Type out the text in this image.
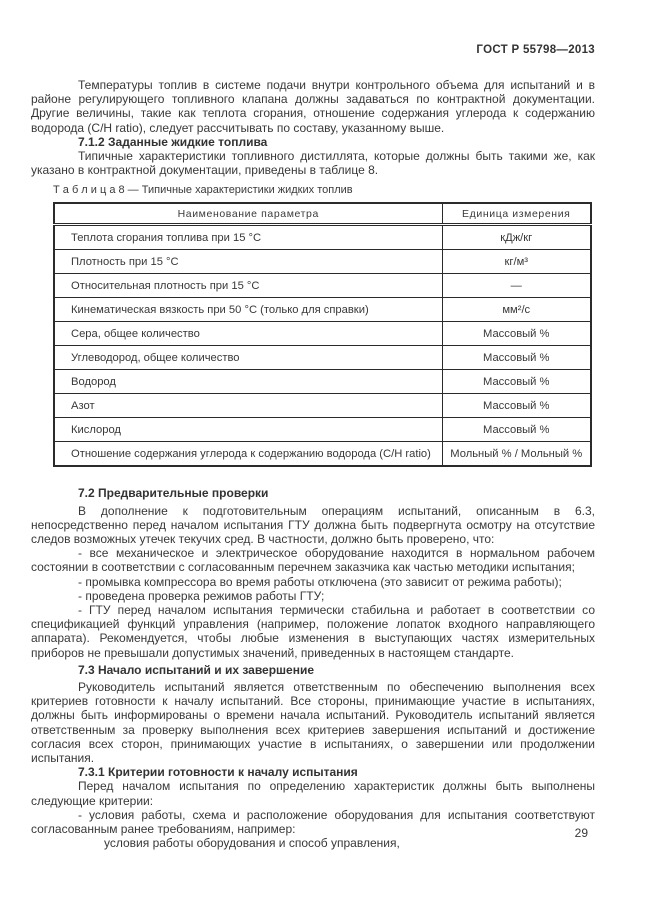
ГОСТ Р 55798—2013

Температуры топлив в системе подачи внутри контрольного объема для испытаний и в районе регулирующего топливного клапана должны задаваться по контрактной документации. Другие величины, такие как теплота сгорания, отношение содержания углерода к содержанию водорода (C/H ratio), следует рассчитывать по составу, указанному выше.

7.1.2 Заданные жидкие топлива

Типичные характеристики топливного дистиллята, которые должны быть такими же, как указано в контрактной документации, приведены в таблице 8.

Т а б л и ц а 8 — Типичные характеристики жидких топлив
Наименование параметра	Единица измерения
Теплота сгорания топлива при 15 °С	кДж/кг
Плотность при 15 °С	кг/м³
Относительная плотность при 15 °С	—
Кинематическая вязкость при 50 °С (только для справки)	мм²/с
Сера, общее количество	Массовый %
Углеводород, общее количество	Массовый %
Водород	Массовый %
Азот	Массовый %
Кислород	Массовый %
Отношение содержания углерода к содержанию водорода (C/H ratio)	Мольный % / Мольный %
7.2 Предварительные проверки

В дополнение к подготовительным операциям испытаний, описанным в 6.3, непосредственно перед началом испытания ГТУ должна быть подвергнута осмотру на отсутствие следов возможных утечек текучих сред. В частности, должно быть проверено, что:

- все механическое и электрическое оборудование находится в нормальном рабочем состоянии в соответствии с согласованным перечнем заказчика как частью методики испытания;

- промывка компрессора во время работы отключена (это зависит от режима работы);

- проведена проверка режимов работы ГТУ;

- ГТУ перед началом испытания термически стабильна и работает в соответствии со спецификацией функций управления (например, положение лопаток входного направляющего аппарата). Рекомендуется, чтобы любые изменения в выступающих частях измерительных приборов не превышали допустимых значений, приведенных в настоящем стандарте.

7.3 Начало испытаний и их завершение

Руководитель испытаний является ответственным по обеспечению выполнения всех критериев готовности к началу испытаний. Все стороны, принимающие участие в испытаниях, должны быть информированы о времени начала испытаний. Руководитель испытаний является ответственным за проверку выполнения всех критериев завершения испытаний и достижение согласия всех сторон, принимающих участие в испытаниях, о завершении или продолжении испытания.

7.3.1 Критерии готовности к началу испытания

Перед началом испытания по определению характеристик должны быть выполнены следующие критерии:

- условия работы, схема и расположение оборудования для испытания соответствуют согласованным ранее требованиям, например:

условия работы оборудования и способ управления,

29
